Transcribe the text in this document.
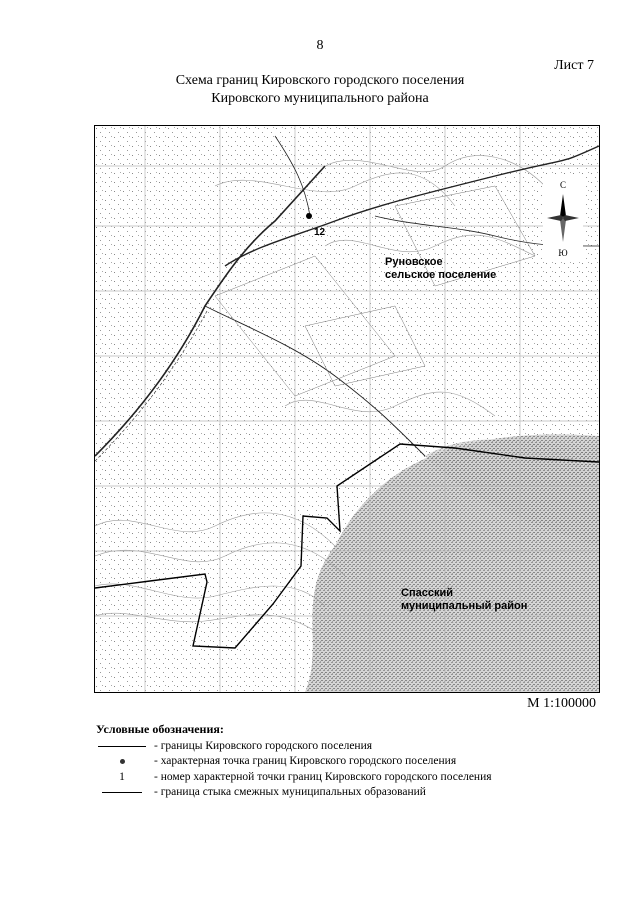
8
Лист 7
Схема границ Кировского городского поселения
Кировского муниципального района
12
Руновское
сельское поселение
Спасский
муниципальный район
С
Ю
М 1:100000
Условные обозначения:
- границы Кировского городского поселения
- характерная точка границ Кировского городского поселения
1	- номер характерной точки границ Кировского городского поселения
- граница стыка смежных муниципальных образований
